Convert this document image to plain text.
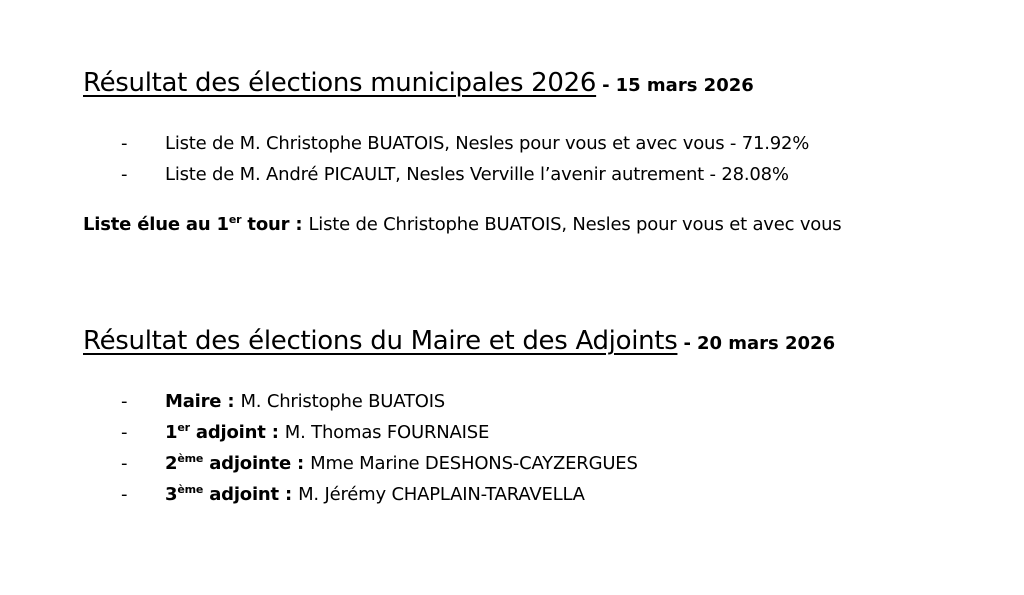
Résultat des élections municipales 2026 - 15 mars 2026
- Liste de M. Christophe BUATOIS, Nesles pour vous et avec vous - 71.92%
- Liste de M. André PICAULT, Nesles Verville l’avenir autrement - 28.08%
Liste élue au 1er tour : Liste de Christophe BUATOIS, Nesles pour vous et avec vous
Résultat des élections du Maire et des Adjoints - 20 mars 2026
- Maire : M. Christophe BUATOIS
- 1er adjoint : M. Thomas FOURNAISE
- 2ème adjointe : Mme Marine DESHONS-CAYZERGUES
- 3ème adjoint : M. Jérémy CHAPLAIN-TARAVELLA
